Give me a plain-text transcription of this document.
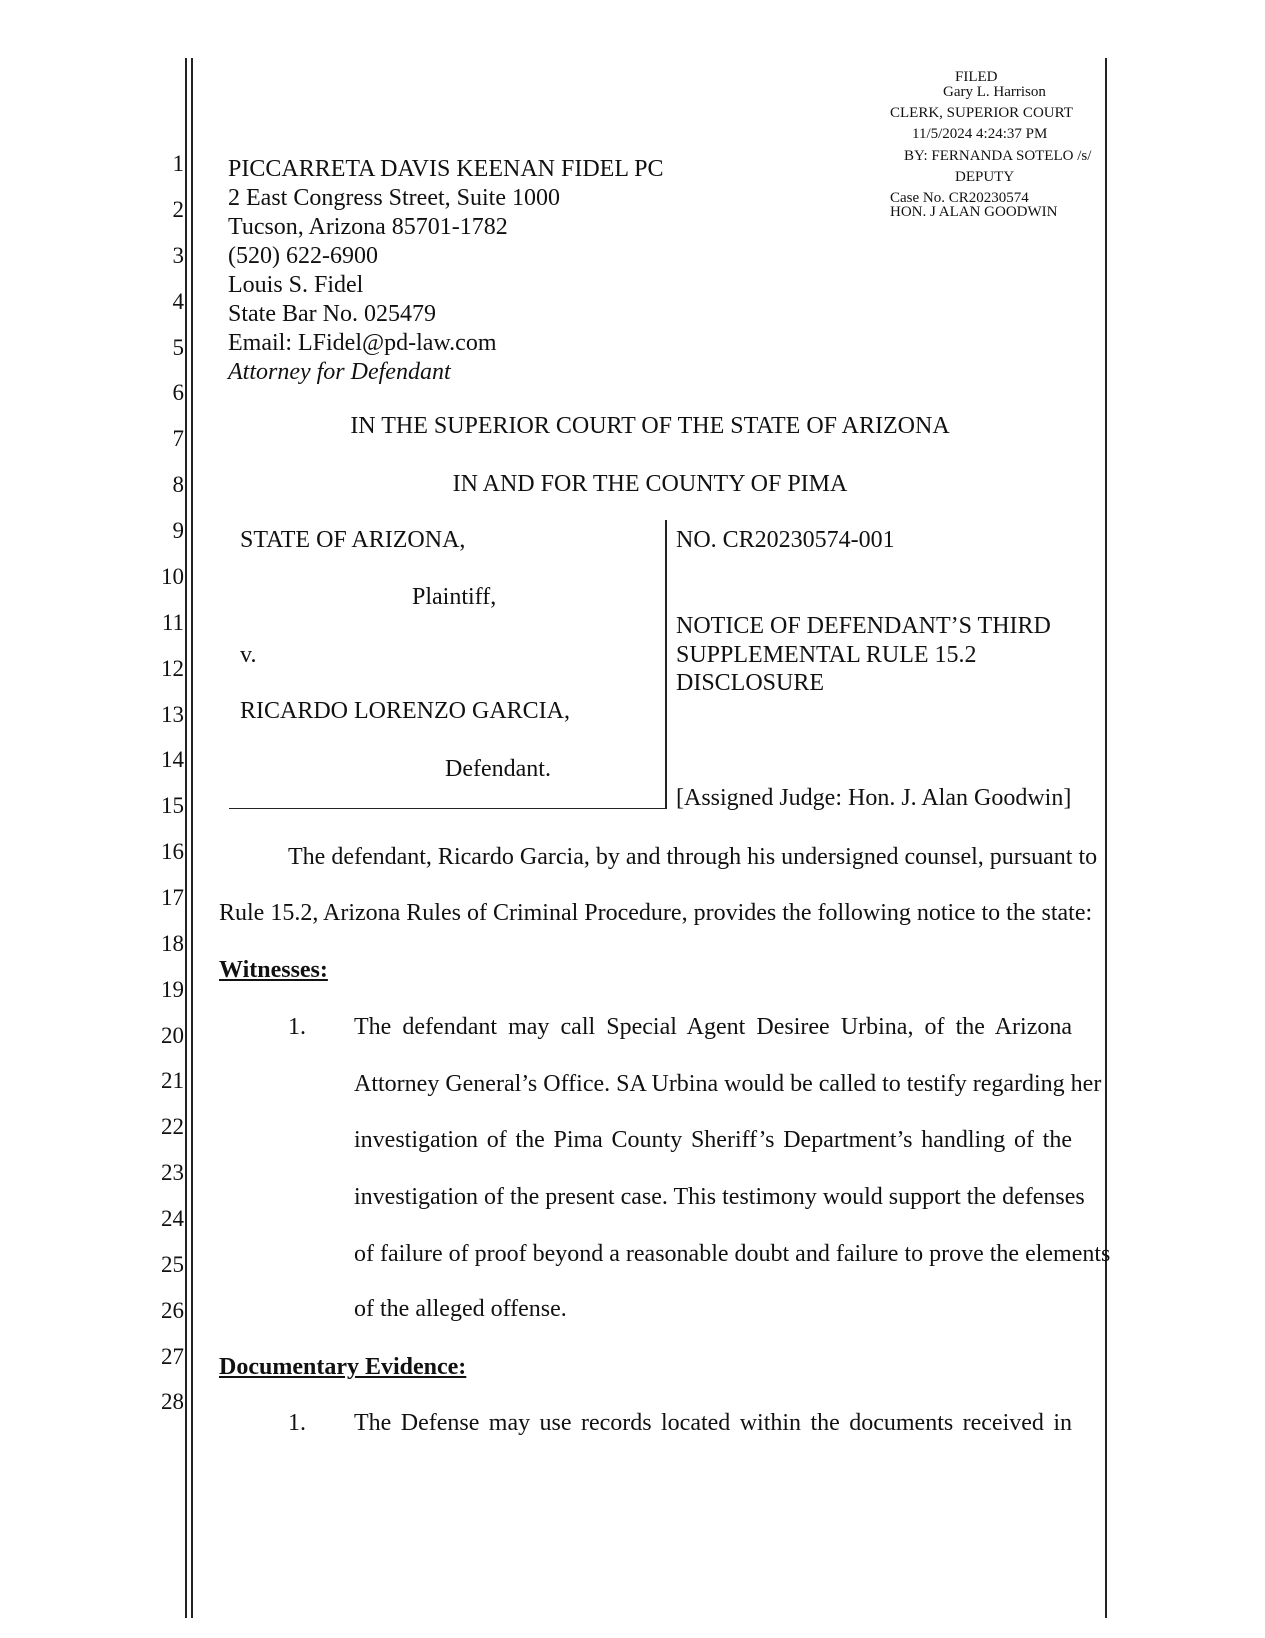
1
2
3
4
5
6
7
8
9
10
11
12
13
14
15
16
17
18
19
20
21
22
23
24
25
26
27
28
FILED
Gary L. Harrison
CLERK, SUPERIOR COURT
11/5/2024 4:24:37 PM
BY: FERNANDA SOTELO /s/
DEPUTY
Case No. CR20230574
HON. J ALAN GOODWIN
PICCARRETA DAVIS KEENAN FIDEL PC
2 East Congress Street, Suite 1000
Tucson, Arizona 85701-1782
(520) 622-6900
Louis S. Fidel
State Bar No. 025479
Email: LFidel@pd-law.com
Attorney for Defendant
IN THE SUPERIOR COURT OF THE STATE OF ARIZONA
IN AND FOR THE COUNTY OF PIMA
STATE OF ARIZONA,
Plaintiff,
v.
RICARDO LORENZO GARCIA,
Defendant.
NO. CR20230574-001
NOTICE OF DEFENDANT’S THIRD
SUPPLEMENTAL RULE 15.2
DISCLOSURE
[Assigned Judge: Hon. J. Alan Goodwin]
The defendant, Ricardo Garcia, by and through his undersigned counsel, pursuant to
Rule 15.2, Arizona Rules of Criminal Procedure, provides the following notice to the state:
Witnesses:
1. The defendant may call Special Agent Desiree Urbina, of the Arizona
Attorney General’s Office. SA Urbina would be called to testify regarding her
investigation of the Pima County Sheriff’s Department’s handling of the
investigation of the present case. This testimony would support the defenses
of failure of proof beyond a reasonable doubt and failure to prove the elements
of the alleged offense.
Documentary Evidence:
1. The Defense may use records located within the documents received in
